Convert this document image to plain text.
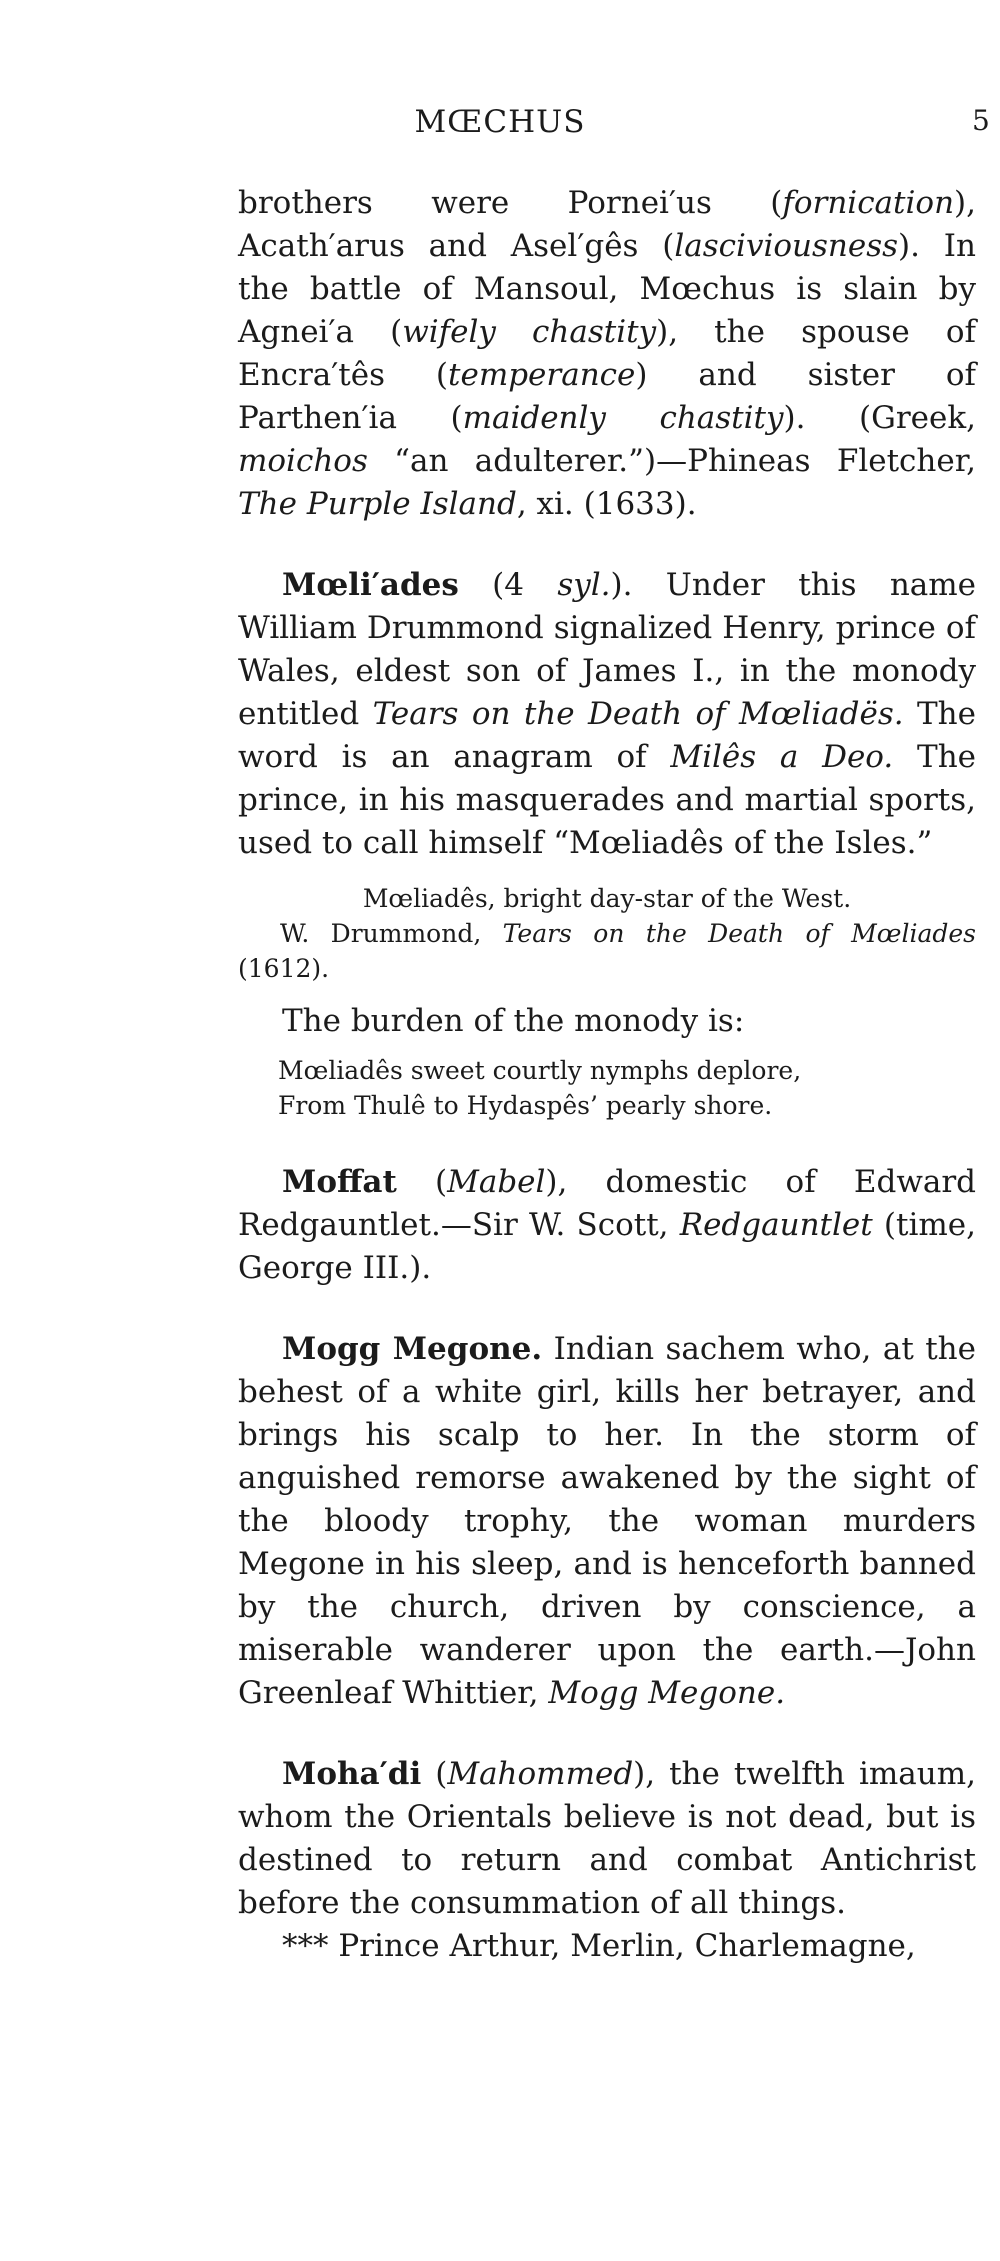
MŒCHUS	5

brothers were Pornei′us (fornication), Acath′arus and Asel′gês (lasciviousness). In the battle of Mansoul, Mœchus is slain by Agnei′a (wifely chastity), the spouse of Encra′tês (temperance) and sister of Parthen′ia (maidenly chastity). (Greek, moichos “an adulterer.”)—Phineas Fletcher, The Purple Island, xi. (1633).

Mœli′ades (4 syl.). Under this name William Drummond signalized Henry, prince of Wales, eldest son of James I., in the monody entitled Tears on the Death of Mœliadës. The word is an anagram of Milês a Deo. The prince, in his masquerades and martial sports, used to call himself “Mœliadês of the Isles.”

Mœliadês, bright day-star of the West.

W. Drummond, Tears on the Death of Mœliades (1612).

The burden of the monody is:

Mœliadês sweet courtly nymphs deplore,

From Thulê to Hydaspês’ pearly shore.

Moffat (Mabel), domestic of Edward Redgauntlet.—Sir W. Scott, Redgauntlet (time, George III.).

Mogg Megone. Indian sachem who, at the behest of a white girl, kills her betrayer, and brings his scalp to her. In the storm of anguished remorse awakened by the sight of the bloody trophy, the woman murders Megone in his sleep, and is henceforth banned by the church, driven by conscience, a miserable wanderer upon the earth.—John Greenleaf Whittier, Mogg Megone.

Moha′di (Mahommed), the twelfth imaum, whom the Orientals believe is not dead, but is destined to return and combat Antichrist before the consummation of all things.

*** Prince Arthur, Merlin, Charlemagne,
